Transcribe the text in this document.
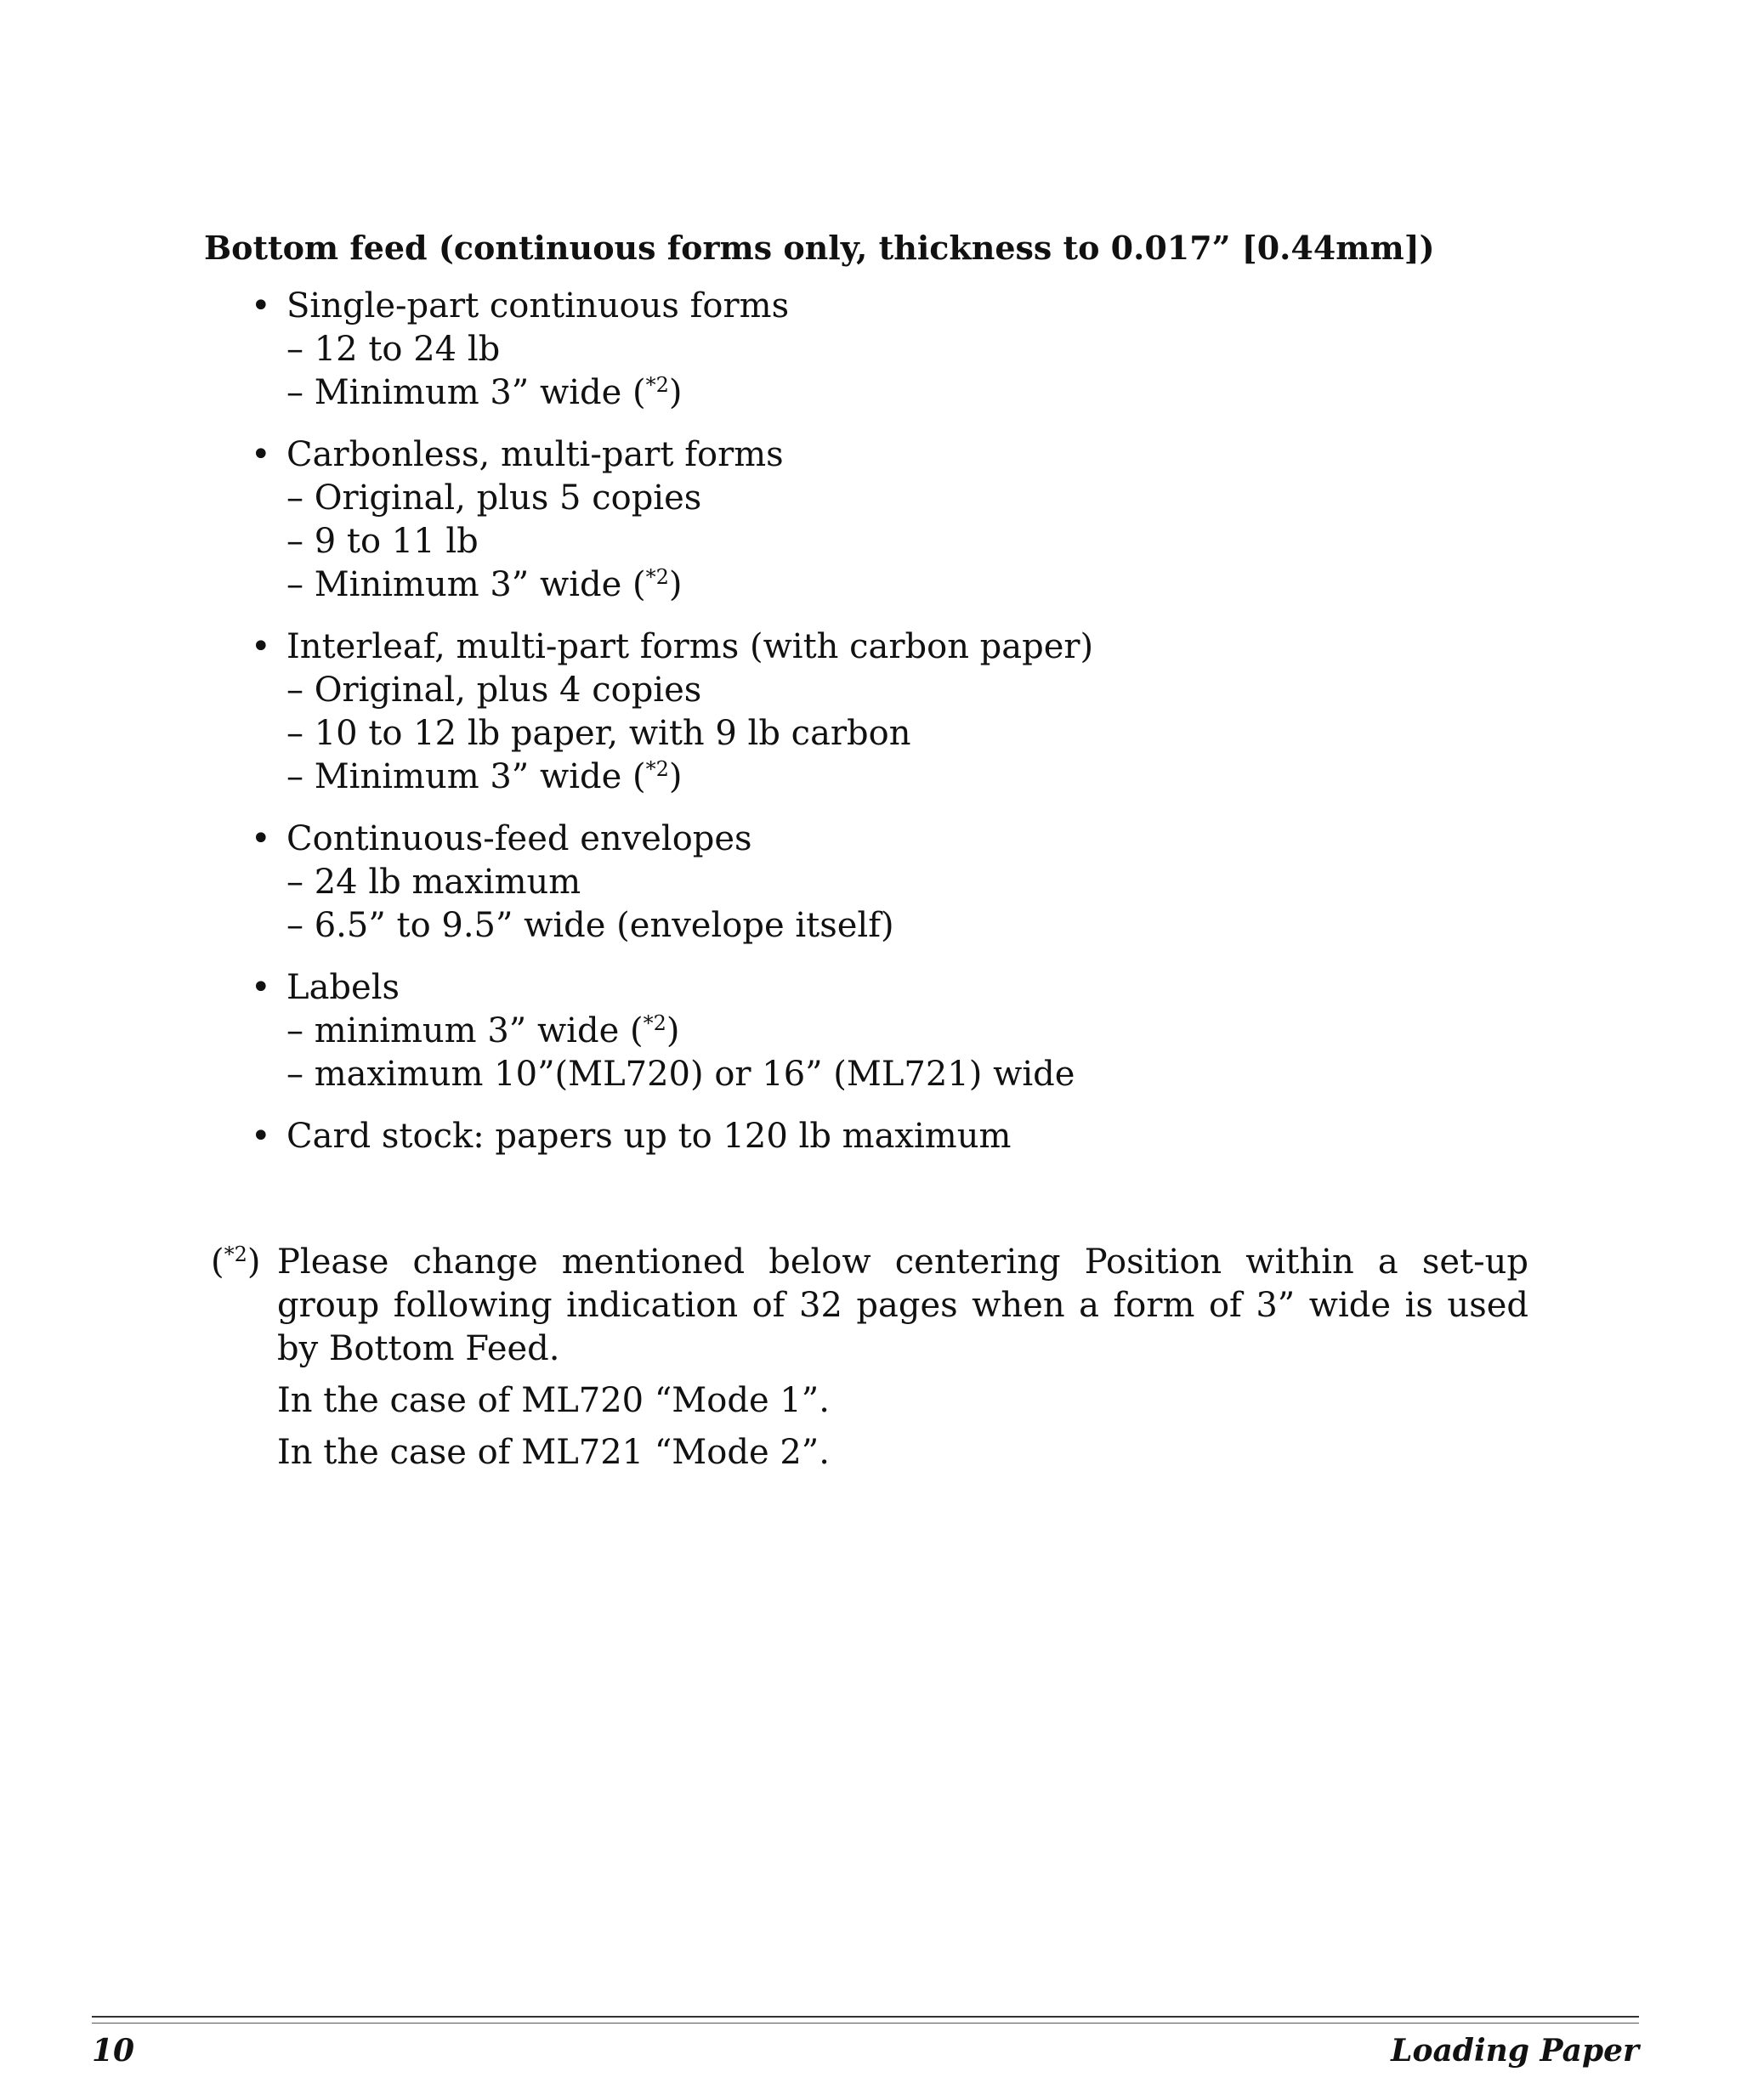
Bottom feed (continuous forms only, thickness to 0.017” [0.44mm])
• Single-part continuous forms
– 12 to 24 lb
– Minimum 3” wide ($^{*2}$)
• Carbonless, multi-part forms
– Original, plus 5 copies
– 9 to 11 lb
– Minimum 3” wide ($^{*2}$)
• Interleaf, multi-part forms (with carbon paper)
– Original, plus 4 copies
– 10 to 12 lb paper, with 9 lb carbon
– Minimum 3” wide ($^{*2}$)
• Continuous-feed envelopes
– 24 lb maximum
– 6.5” to 9.5” wide (envelope itself)
• Labels
– minimum 3” wide ($^{*2}$)
– maximum 10”(ML720) or 16” (ML721) wide
• Card stock: papers up to 120 lb maximum
($^{*2}$) Please change mentioned below centering Position within a set-up group following indication of 32 pages when a form of 3” wide is used by Bottom Feed.
In the case of ML720 “Mode 1”.
In the case of ML721 “Mode 2”.
10	Loading Paper
